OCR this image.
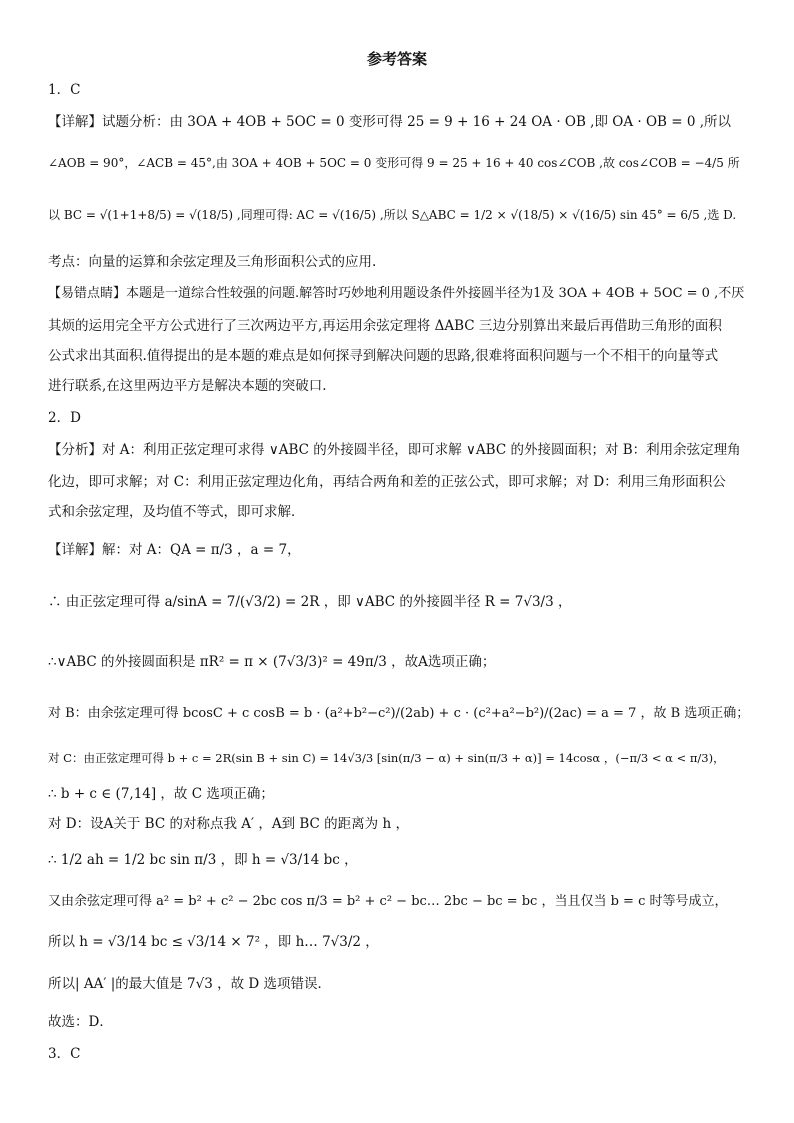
参考答案
1．C
【详解】试题分析：由 3OA + 4OB + 5OC = 0 变形可得 25 = 9 + 16 + 24 OA · OB ,即 OA · OB = 0 ,所以
∠AOB = 90°，∠ACB = 45°,由 3OA + 4OB + 5OC = 0 变形可得 9 = 25 + 16 + 40 cos∠COB ,故 cos∠COB = −4/5 所
以 BC = √(1+1+8/5) = √(18/5) ,同理可得: AC = √(16/5) ,所以 S△ABC = 1/2 × √(18/5) × √(16/5) sin 45° = 6/5 ,选 D.
考点：向量的运算和余弦定理及三角形面积公式的应用.
【易错点睛】本题是一道综合性较强的问题.解答时巧妙地利用题设条件外接圆半径为1及 3OA + 4OB + 5OC = 0 ,不厌
其烦的运用完全平方公式进行了三次两边平方,再运用余弦定理将 ΔABC 三边分别算出来最后再借助三角形的面积
公式求出其面积.值得提出的是本题的难点是如何探寻到解决问题的思路,很难将面积问题与一个不相干的向量等式
进行联系,在这里两边平方是解决本题的突破口.
2．D
【分析】对 A：利用正弦定理可求得 ∨ABC 的外接圆半径，即可求解 ∨ABC 的外接圆面积；对 B：利用余弦定理角
化边，即可求解；对 C：利用正弦定理边化角，再结合两角和差的正弦公式，即可求解；对 D：利用三角形面积公
式和余弦定理，及均值不等式，即可求解．
【详解】解：对 A：QA = π/3 ，a = 7，
∴ 由正弦定理可得 a/sinA = 7/(√3/2) = 2R ，即 ∨ABC 的外接圆半径 R = 7√3/3 ，
∴∨ABC 的外接圆面积是 πR² = π × (7√3/3)² = 49π/3 ，故A选项正确；
对 B：由余弦定理可得 bcosC + c cosB = b · (a²+b²−c²)/(2ab) + c · (c²+a²−b²)/(2ac) = a = 7 ，故 B 选项正确；
对 C：由正弦定理可得 b + c = 2R(sin B + sin C) = 14√3/3 [sin(π/3 − α) + sin(π/3 + α)] = 14cosα ，(−π/3 < α < π/3)，
∴ b + c ∈ (7,14] ，故 C 选项正确；
对 D：设A关于 BC 的对称点我 A′ ，A到 BC 的距离为 h ，
∴ 1/2 ah = 1/2 bc sin π/3 ，即 h = √3/14 bc ，
又由余弦定理可得 a² = b² + c² − 2bc cos π/3 = b² + c² − bc… 2bc − bc = bc ，当且仅当 b = c 时等号成立，
所以 h = √3/14 bc ≤ √3/14 × 7² ，即 h… 7√3/2 ，
所以| AA′ |的最大值是 7√3 ，故 D 选项错误．
故选：D．
3．C
